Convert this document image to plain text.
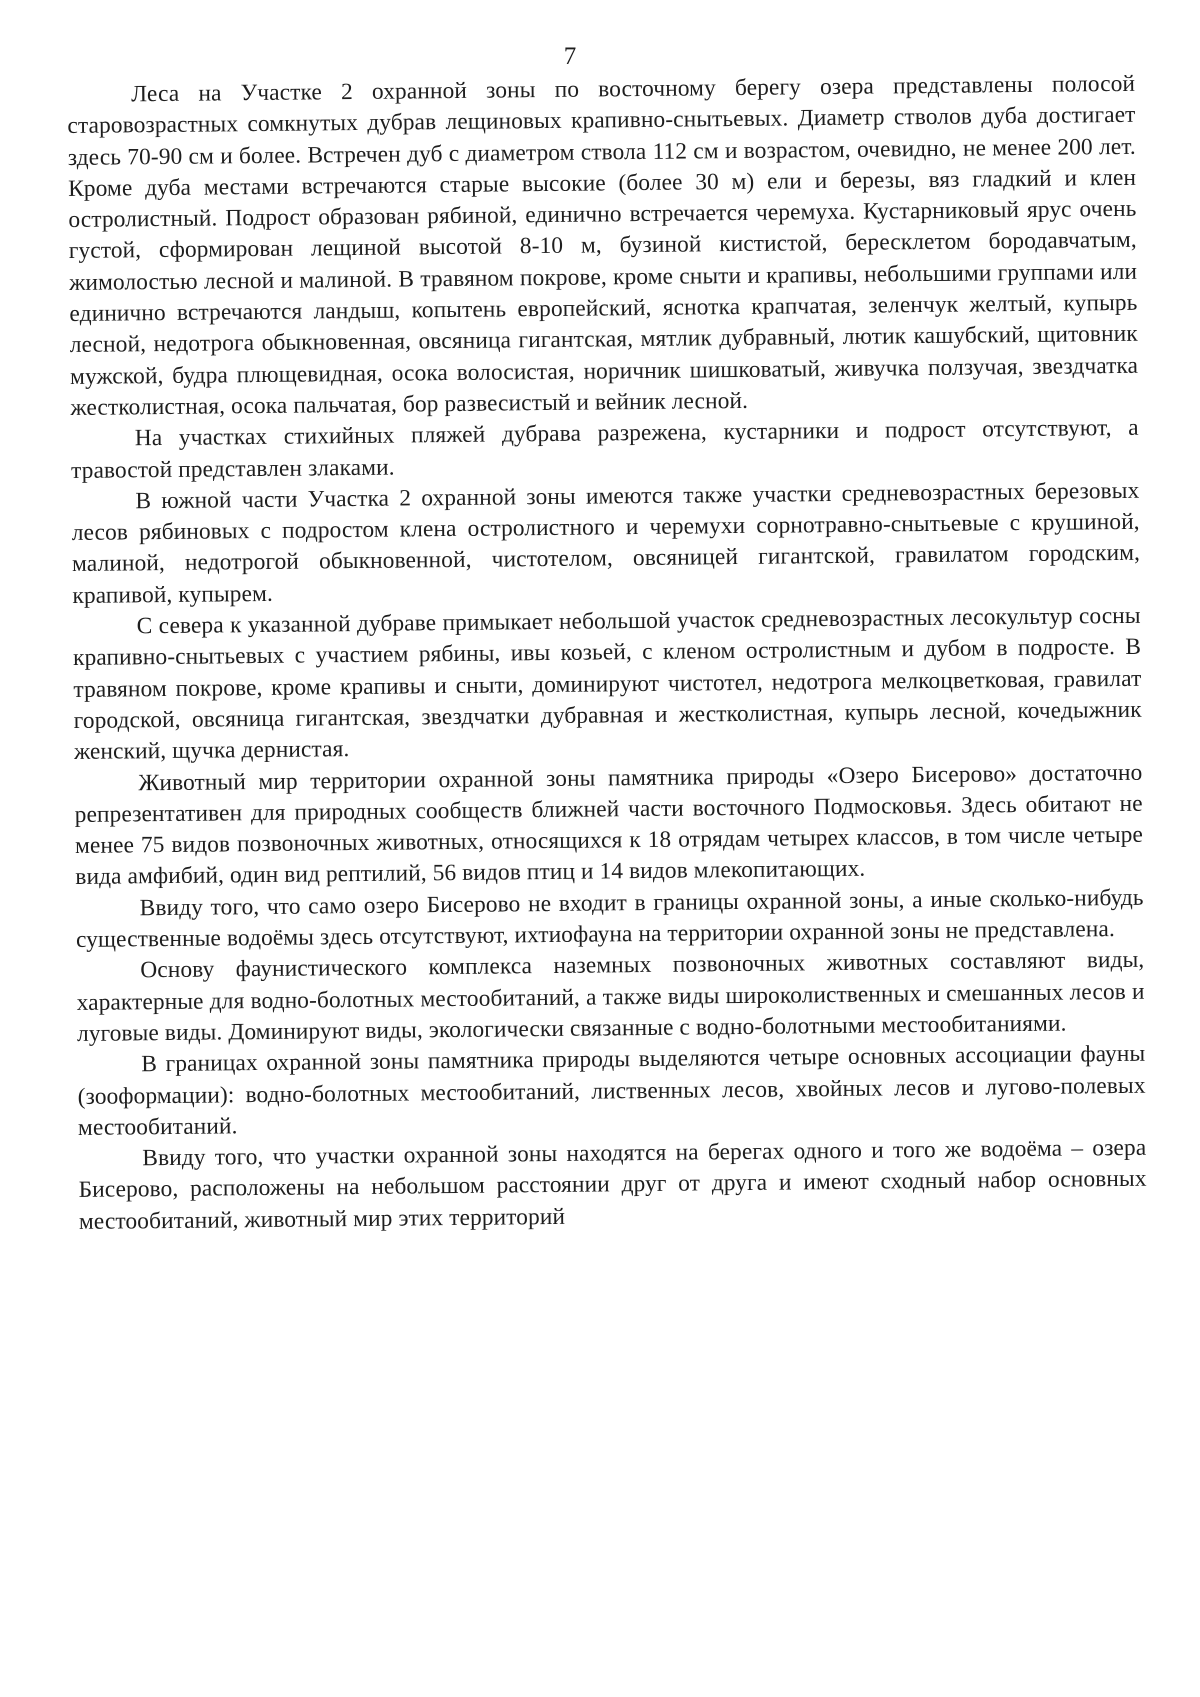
7

Леса на Участке 2 охранной зоны по восточному берегу озера представлены полосой старовозрастных сомкнутых дубрав лещиновых крапивно-снытьевых. Диаметр стволов дуба достигает здесь 70-90 см и более. Встречен дуб с диаметром ствола 112 см и возрастом, очевидно, не менее 200 лет. Кроме дуба местами встречаются старые высокие (более 30 м) ели и березы, вяз гладкий и клен остролистный. Подрост образован рябиной, единично встречается черемуха. Кустарниковый ярус очень густой, сформирован лещиной высотой 8-10 м, бузиной кистистой, бересклетом бородавчатым, жимолостью лесной и малиной. В травяном покрове, кроме сныти и крапивы, небольшими группами или единично встречаются ландыш, копытень европейский, яснотка крапчатая, зеленчук желтый, купырь лесной, недотрога обыкновенная, овсяница гигантская, мятлик дубравный, лютик кашубский, щитовник мужской, будра плющевидная, осока волосистая, норичник шишковатый, живучка ползучая, звездчатка жестколистная, осока пальчатая, бор развесистый и вейник лесной.

На участках стихийных пляжей дубрава разрежена, кустарники и подрост отсутствуют, а травостой представлен злаками.

В южной части Участка 2 охранной зоны имеются также участки средневозрастных березовых лесов рябиновых с подростом клена остролистного и черемухи сорнотравно-снытьевые с крушиной, малиной, недотрогой обыкновенной, чистотелом, овсяницей гигантской, гравилатом городским, крапивой, купырем.

С севера к указанной дубраве примыкает небольшой участок средневозрастных лесокультур сосны крапивно-снытьевых с участием рябины, ивы козьей, с кленом остролистным и дубом в подросте. В травяном покрове, кроме крапивы и сныти, доминируют чистотел, недотрога мелкоцветковая, гравилат городской, овсяница гигантская, звездчатки дубравная и жестколистная, купырь лесной, кочедыжник женский, щучка дернистая.

Животный мир территории охранной зоны памятника природы «Озеро Бисерово» достаточно репрезентативен для природных сообществ ближней части восточного Подмосковья. Здесь обитают не менее 75 видов позвоночных животных, относящихся к 18 отрядам четырех классов, в том числе четыре вида амфибий, один вид рептилий, 56 видов птиц и 14 видов млекопитающих.

Ввиду того, что само озеро Бисерово не входит в границы охранной зоны, а иные сколько-нибудь существенные водоёмы здесь отсутствуют, ихтиофауна на территории охранной зоны не представлена.

Основу фаунистического комплекса наземных позвоночных животных составляют виды, характерные для водно-болотных местообитаний, а также виды широколиственных и смешанных лесов и луговые виды. Доминируют виды, экологически связанные с водно-болотными местообитаниями.

В границах охранной зоны памятника природы выделяются четыре основных ассоциации фауны (зооформации): водно-болотных местообитаний, лиственных лесов, хвойных лесов и лугово-полевых местообитаний.

Ввиду того, что участки охранной зоны находятся на берегах одного и того же водоёма – озера Бисерово, расположены на небольшом расстоянии друг от друга и имеют сходный набор основных местообитаний, животный мир этих территорий
